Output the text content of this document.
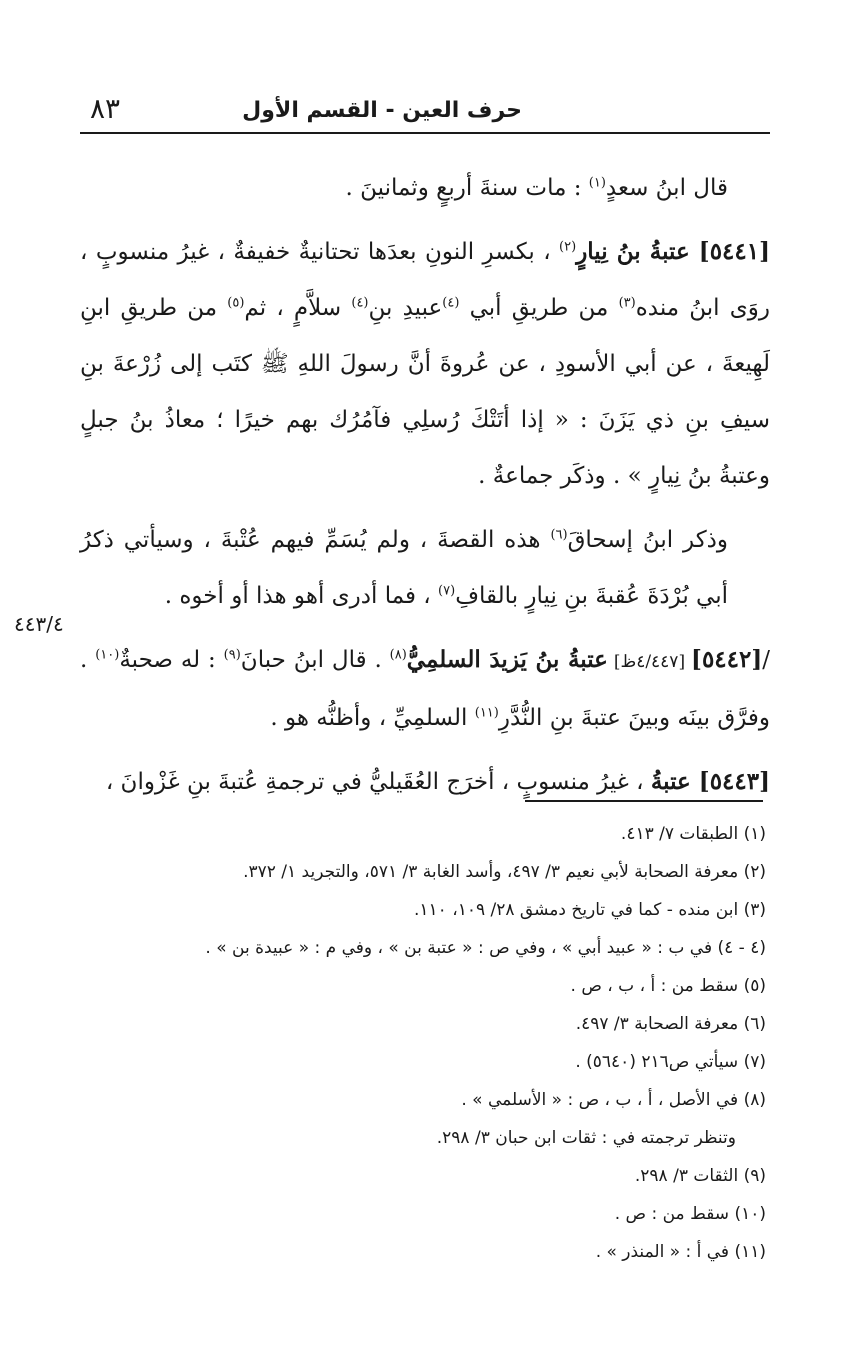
٨٣	حرف العين - القسم الأول

قال ابنُ سعدٍ$^{(١)}$ : مات سنةَ أربعٍ وثمانينَ .

[٥٤٤١] عتبةُ بنُ نِيارٍ$^{(٢)}$ ، بكسرِ النونِ بعدَها تحتانيةٌ خفيفةٌ ، غيرُ منسوبٍ ، روَى ابنُ منده$^{(٣)}$ من طريقِ أبي $^{(٤)}$عبيدِ بنِ$^{(٤)}$ سلاَّمٍ ، ثم$^{(٥)}$ من طريقِ ابنِ لَهِيعةَ ، عن أبي الأسودِ ، عن عُروةَ أنَّ رسولَ اللهِ ﷺ كتَب إلى زُرْعةَ بنِ سيفِ بنِ ذي يَزَنَ : « إذا أتَتْكَ رُسلِي فآمُرُك بهم خيرًا ؛ معاذُ بنُ جبلٍ وعتبةُ بنُ نِيارٍ » . وذكَر جماعةٌ .

وذكر ابنُ إسحاقَ$^{(٦)}$ هذه القصةَ ، ولم يُسَمِّ فيهم عُتْبةَ ، وسيأتي ذكرُ أبي بُرْدَةَ عُقبةَ بنِ نِيارٍ بالقافِ$^{(٧)}$ ، فما أدرى أهو هذا أو أخوه .

/[٥٤٤٢] [٤/٤٤٧ظ] عتبةُ بنُ يَزيدَ السلمِيُّ$^{(٨)}$ . قال ابنُ حبانَ$^{(٩)}$ : له صحبةٌ$^{(١٠)}$ . وفرَّق بينَه وبينَ عتبةَ بنِ النُّدَّرِ$^{(١١)}$ السلمِيِّ ، وأظنُّه هو .

[٥٤٤٣] عتبةُ ، غيرُ منسوبٍ ، أخرَج العُقَيليُّ في ترجمةِ عُتبةَ بنِ غَزْوانَ ،

٤٤٣/٤
(١) الطبقات ٧/ ٤١٣.
(٢) معرفة الصحابة لأبي نعيم ٣/ ٤٩٧، وأسد الغابة ٣/ ٥٧١، والتجريد ١/ ٣٧٢.
(٣) ابن منده - كما في تاريخ دمشق ٢٨/ ١٠٩، ١١٠.
(٤ - ٤) في ب : « عبيد أبي » ، وفي ص : « عتبة بن » ، وفي م : « عبيدة بن » .
(٥) سقط من : أ ، ب ، ص .
(٦) معرفة الصحابة ٣/ ٤٩٧.
(٧) سيأتي ص٢١٦ (٥٦٤٠) .
(٨) في الأصل ، أ ، ب ، ص : « الأسلمي » .
وتنظر ترجمته في : ثقات ابن حبان ٣/ ٢٩٨.
(٩) الثقات ٣/ ٢٩٨.
(١٠) سقط من : ص .
(١١) في أ : « المنذر » .
